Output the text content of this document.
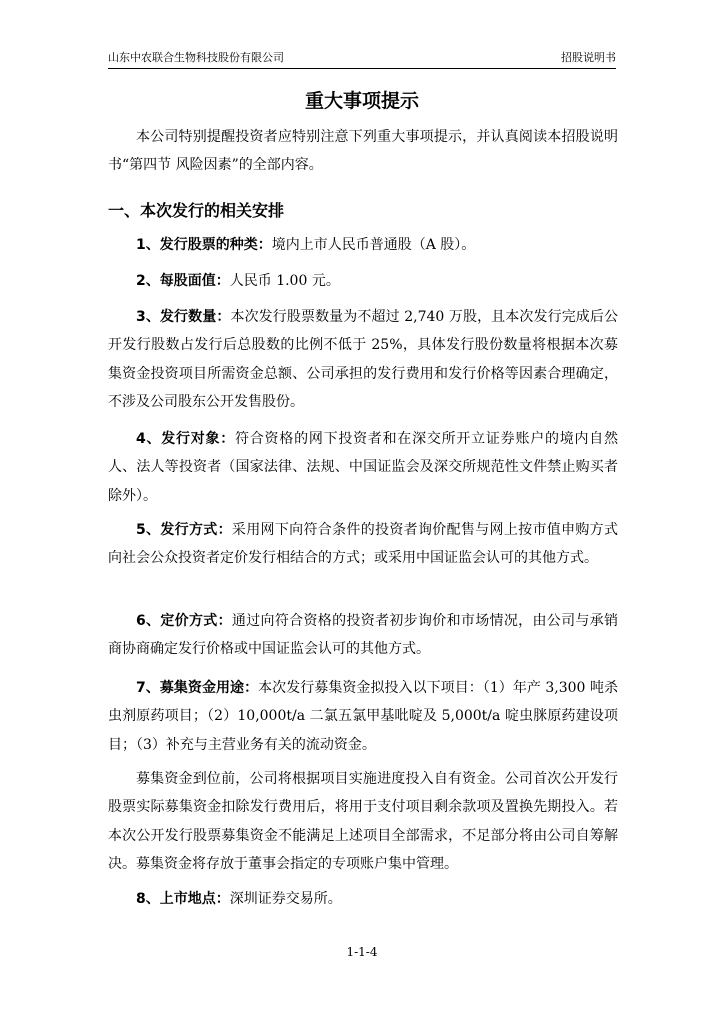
山东中农联合生物科技股份有限公司	招股说明书
重大事项提示

本公司特别提醒投资者应特别注意下列重大事项提示，并认真阅读本招股说明书“第四节 风险因素”的全部内容。

一、本次发行的相关安排

1、发行股票的种类：境内上市人民币普通股（A 股）。

2、每股面值：人民币 1.00 元。

3、发行数量：本次发行股票数量为不超过 2,740 万股，且本次发行完成后公开发行股数占发行后总股数的比例不低于 25%，具体发行股份数量将根据本次募集资金投资项目所需资金总额、公司承担的发行费用和发行价格等因素合理确定，不涉及公司股东公开发售股份。

4、发行对象：符合资格的网下投资者和在深交所开立证券账户的境内自然人、法人等投资者（国家法律、法规、中国证监会及深交所规范性文件禁止购买者除外）。

5、发行方式：采用网下向符合条件的投资者询价配售与网上按市值申购方式向社会公众投资者定价发行相结合的方式；或采用中国证监会认可的其他方式。

6、定价方式：通过向符合资格的投资者初步询价和市场情况，由公司与承销商协商确定发行价格或中国证监会认可的其他方式。

7、募集资金用途：本次发行募集资金拟投入以下项目：（1）年产 3,300 吨杀虫剂原药项目；（2）10,000t/a 二氯五氯甲基吡啶及 5,000t/a 啶虫脒原药建设项目；（3）补充与主营业务有关的流动资金。

募集资金到位前，公司将根据项目实施进度投入自有资金。公司首次公开发行股票实际募集资金扣除发行费用后，将用于支付项目剩余款项及置换先期投入。若本次公开发行股票募集资金不能满足上述项目全部需求，不足部分将由公司自筹解决。募集资金将存放于董事会指定的专项账户集中管理。

8、上市地点：深圳证券交易所。

1-1-4
